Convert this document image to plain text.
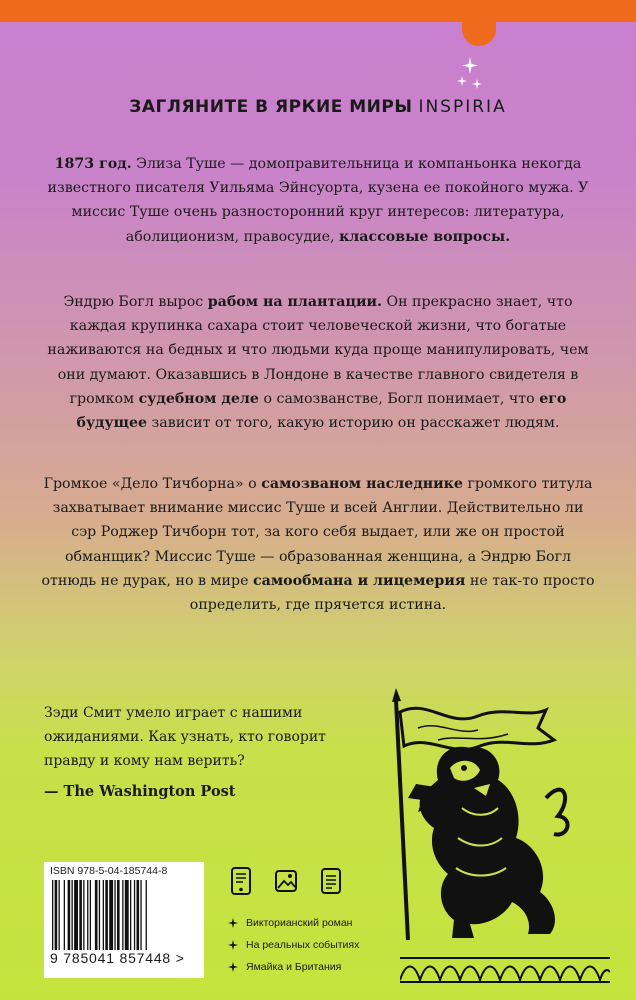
ЗАГЛЯНИТЕ В ЯРКИЕ МИРЫ INSPIRIA

1873 год. Элиза Туше — домоправительница и компаньонка некогда известного писателя Уильяма Эйнсуорта, кузена ее покойного мужа. У миссис Туше очень разносторонний круг интересов: литература, аболиционизм, правосудие, классовые вопросы.

Эндрю Богл вырос рабом на плантации. Он прекрасно знает, что каждая крупинка сахара стоит человеческой жизни, что богатые наживаются на бедных и что людьми куда проще манипулировать, чем они думают. Оказавшись в Лондоне в качестве главного свидетеля в громком судебном деле о самозванстве, Богл понимает, что его будущее зависит от того, какую историю он расскажет людям.

Громкое «Дело Тичборна» о самозваном наследнике громкого титула захватывает внимание миссис Туше и всей Англии. Действительно ли сэр Роджер Тичборн тот, за кого себя выдает, или же он простой обманщик? Миссис Туше — образованная женщина, а Эндрю Богл отнюдь не дурак, но в мире самообмана и лицемерия не так-то просто определить, где прячется истина.

Зэди Смит умело играет с нашими ожиданиями. Как узнать, кто говорит правду и кому нам верить?
— The Washington Post
ISBN 978-5-04-185744-8
9 785041 857448 >
Викторианский роман
На реальных событиях
Ямайка и Британия
